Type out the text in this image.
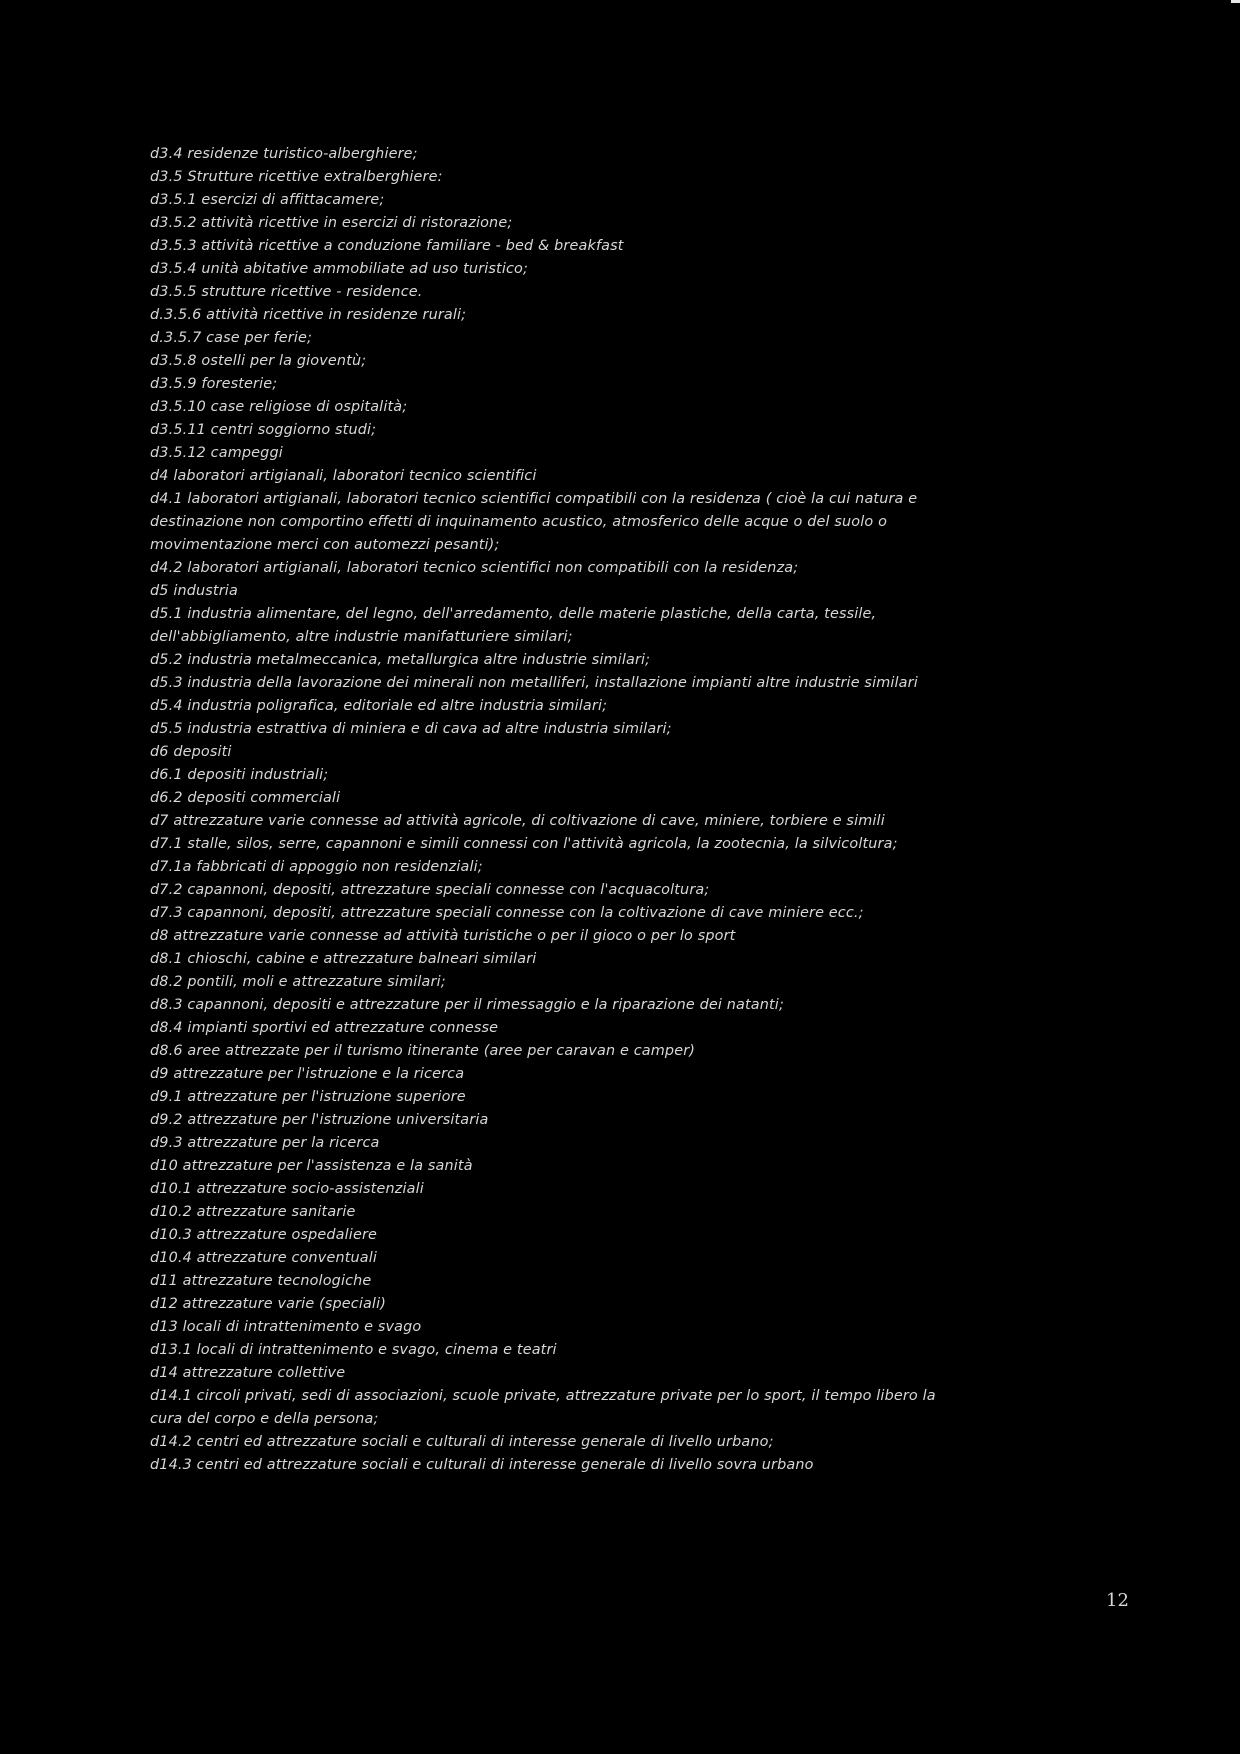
d3.4 residenze turistico-alberghiere;
d3.5 Strutture ricettive extralberghiere:
d3.5.1 esercizi di affittacamere;
d3.5.2 attività ricettive in esercizi di ristorazione;
d3.5.3 attività ricettive a conduzione familiare - bed & breakfast
d3.5.4 unità abitative ammobiliate ad uso turistico;
d3.5.5 strutture ricettive - residence.
d.3.5.6 attività ricettive in residenze rurali;
d.3.5.7 case per ferie;
d3.5.8 ostelli per la gioventù;
d3.5.9 foresterie;
d3.5.10 case religiose di ospitalità;
d3.5.11 centri soggiorno studi;
d3.5.12 campeggi
d4 laboratori artigianali, laboratori tecnico scientifici
d4.1 laboratori artigianali, laboratori tecnico scientifici compatibili con la residenza ( cioè la cui natura e
destinazione non comportino effetti di inquinamento acustico, atmosferico delle acque o del suolo o
movimentazione merci con automezzi pesanti);
d4.2 laboratori artigianali, laboratori tecnico scientifici non compatibili con la residenza;
d5 industria
d5.1 industria alimentare, del legno, dell'arredamento, delle materie plastiche, della carta, tessile,
dell'abbigliamento, altre industrie manifatturiere similari;
d5.2 industria metalmeccanica, metallurgica altre industrie similari;
d5.3 industria della lavorazione dei minerali non metalliferi, installazione impianti altre industrie similari
d5.4 industria poligrafica, editoriale ed altre industria similari;
d5.5 industria estrattiva di miniera e di cava ad altre industria similari;
d6 depositi
d6.1 depositi industriali;
d6.2 depositi commerciali
d7 attrezzature varie connesse ad attività agricole, di coltivazione di cave, miniere, torbiere e simili
d7.1 stalle, silos, serre, capannoni e simili connessi con l'attività agricola, la zootecnia, la silvicoltura;
d7.1a fabbricati di appoggio non residenziali;
d7.2 capannoni, depositi, attrezzature speciali connesse con l'acquacoltura;
d7.3 capannoni, depositi, attrezzature speciali connesse con la coltivazione di cave miniere ecc.;
d8 attrezzature varie connesse ad attività turistiche o per il gioco o per lo sport
d8.1 chioschi, cabine e attrezzature balneari similari
d8.2 pontili, moli e attrezzature similari;
d8.3 capannoni, depositi e attrezzature per il rimessaggio e la riparazione dei natanti;
d8.4 impianti sportivi ed attrezzature connesse
d8.6 aree attrezzate per il turismo itinerante (aree per caravan e camper)
d9 attrezzature per l'istruzione e la ricerca
d9.1 attrezzature per l'istruzione superiore
d9.2 attrezzature per l'istruzione universitaria
d9.3 attrezzature per la ricerca
d10 attrezzature per l'assistenza e la sanità
d10.1 attrezzature socio-assistenziali
d10.2 attrezzature sanitarie
d10.3 attrezzature ospedaliere
d10.4 attrezzature conventuali
d11 attrezzature tecnologiche
d12 attrezzature varie (speciali)
d13 locali di intrattenimento e svago
d13.1 locali di intrattenimento e svago, cinema e teatri
d14 attrezzature collettive
d14.1 circoli privati, sedi di associazioni, scuole private, attrezzature private per lo sport, il tempo libero la
cura del corpo e della persona;
d14.2 centri ed attrezzature sociali e culturali di interesse generale di livello urbano;
d14.3 centri ed attrezzature sociali e culturali di interesse generale di livello sovra urbano
12
